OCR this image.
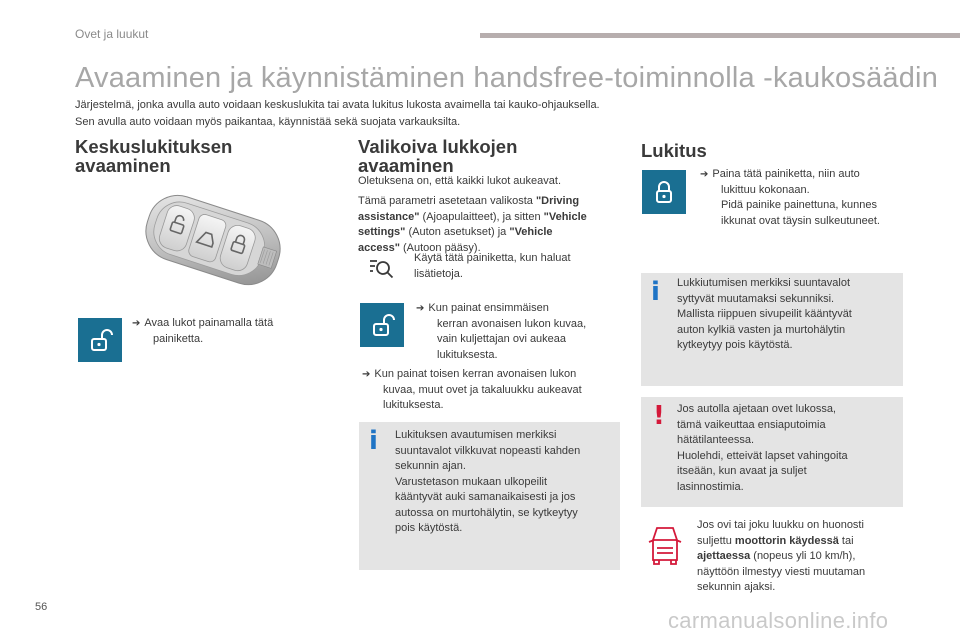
Ovet ja luukut
Avaaminen ja käynnistäminen handsfree-toiminnolla -kaukosäädin
Järjestelmä, jonka avulla auto voidaan keskuslukita tai avata lukitus lukosta avaimella tai kauko-ohjauksella.
Sen avulla auto voidaan myös paikantaa, käynnistää sekä suojata varkauksilta.
Keskuslukituksen
avaaminen
➔ Avaa lukot painamalla tätä
painiketta.
Valikoiva lukkojen
avaaminen
Oletuksena on, että kaikki lukot aukeavat.
Tämä parametri asetetaan valikosta "Driving
assistance" (Ajoapulaitteet), ja sitten "Vehicle
settings" (Auton asetukset) ja "Vehicle
access" (Autoon pääsy).
Käytä tätä painiketta, kun haluat
lisätietoja.
➔ Kun painat ensimmäisen
kerran avonaisen lukon kuvaa,
vain kuljettajan ovi aukeaa
lukituksesta.
➔ Kun painat toisen kerran avonaisen lukon
kuvaa, muut ovet ja takaluukku aukeavat
lukituksesta.
i Lukituksen avautumisen merkiksi
suuntavalot vilkkuvat nopeasti kahden
sekunnin ajan.
Varustetason mukaan ulkopeilit
kääntyvät auki samanaikaisesti ja jos
autossa on murtohälytin, se kytkeytyy
pois käytöstä.
Lukitus
➔ Paina tätä painiketta, niin auto
lukittuu kokonaan.
Pidä painike painettuna, kunnes
ikkunat ovat täysin sulkeutuneet.
i Lukkiutumisen merkiksi suuntavalot
syttyvät muutamaksi sekunniksi.
Mallista riippuen sivupeilit kääntyvät
auton kylkiä vasten ja murtohälytin
kytkeytyy pois käytöstä.
! Jos autolla ajetaan ovet lukossa,
tämä vaikeuttaa ensiaputoimia
hätätilanteessa.
Huolehdi, etteivät lapset vahingoita
itseään, kun avaat ja suljet
lasinnostimia.
Jos ovi tai joku luukku on huonosti
suljettu moottorin käydessä tai
ajettaessa (nopeus yli 10 km/h),
näyttöön ilmestyy viesti muutaman
sekunnin ajaksi.
56
carmanualsonline.info
